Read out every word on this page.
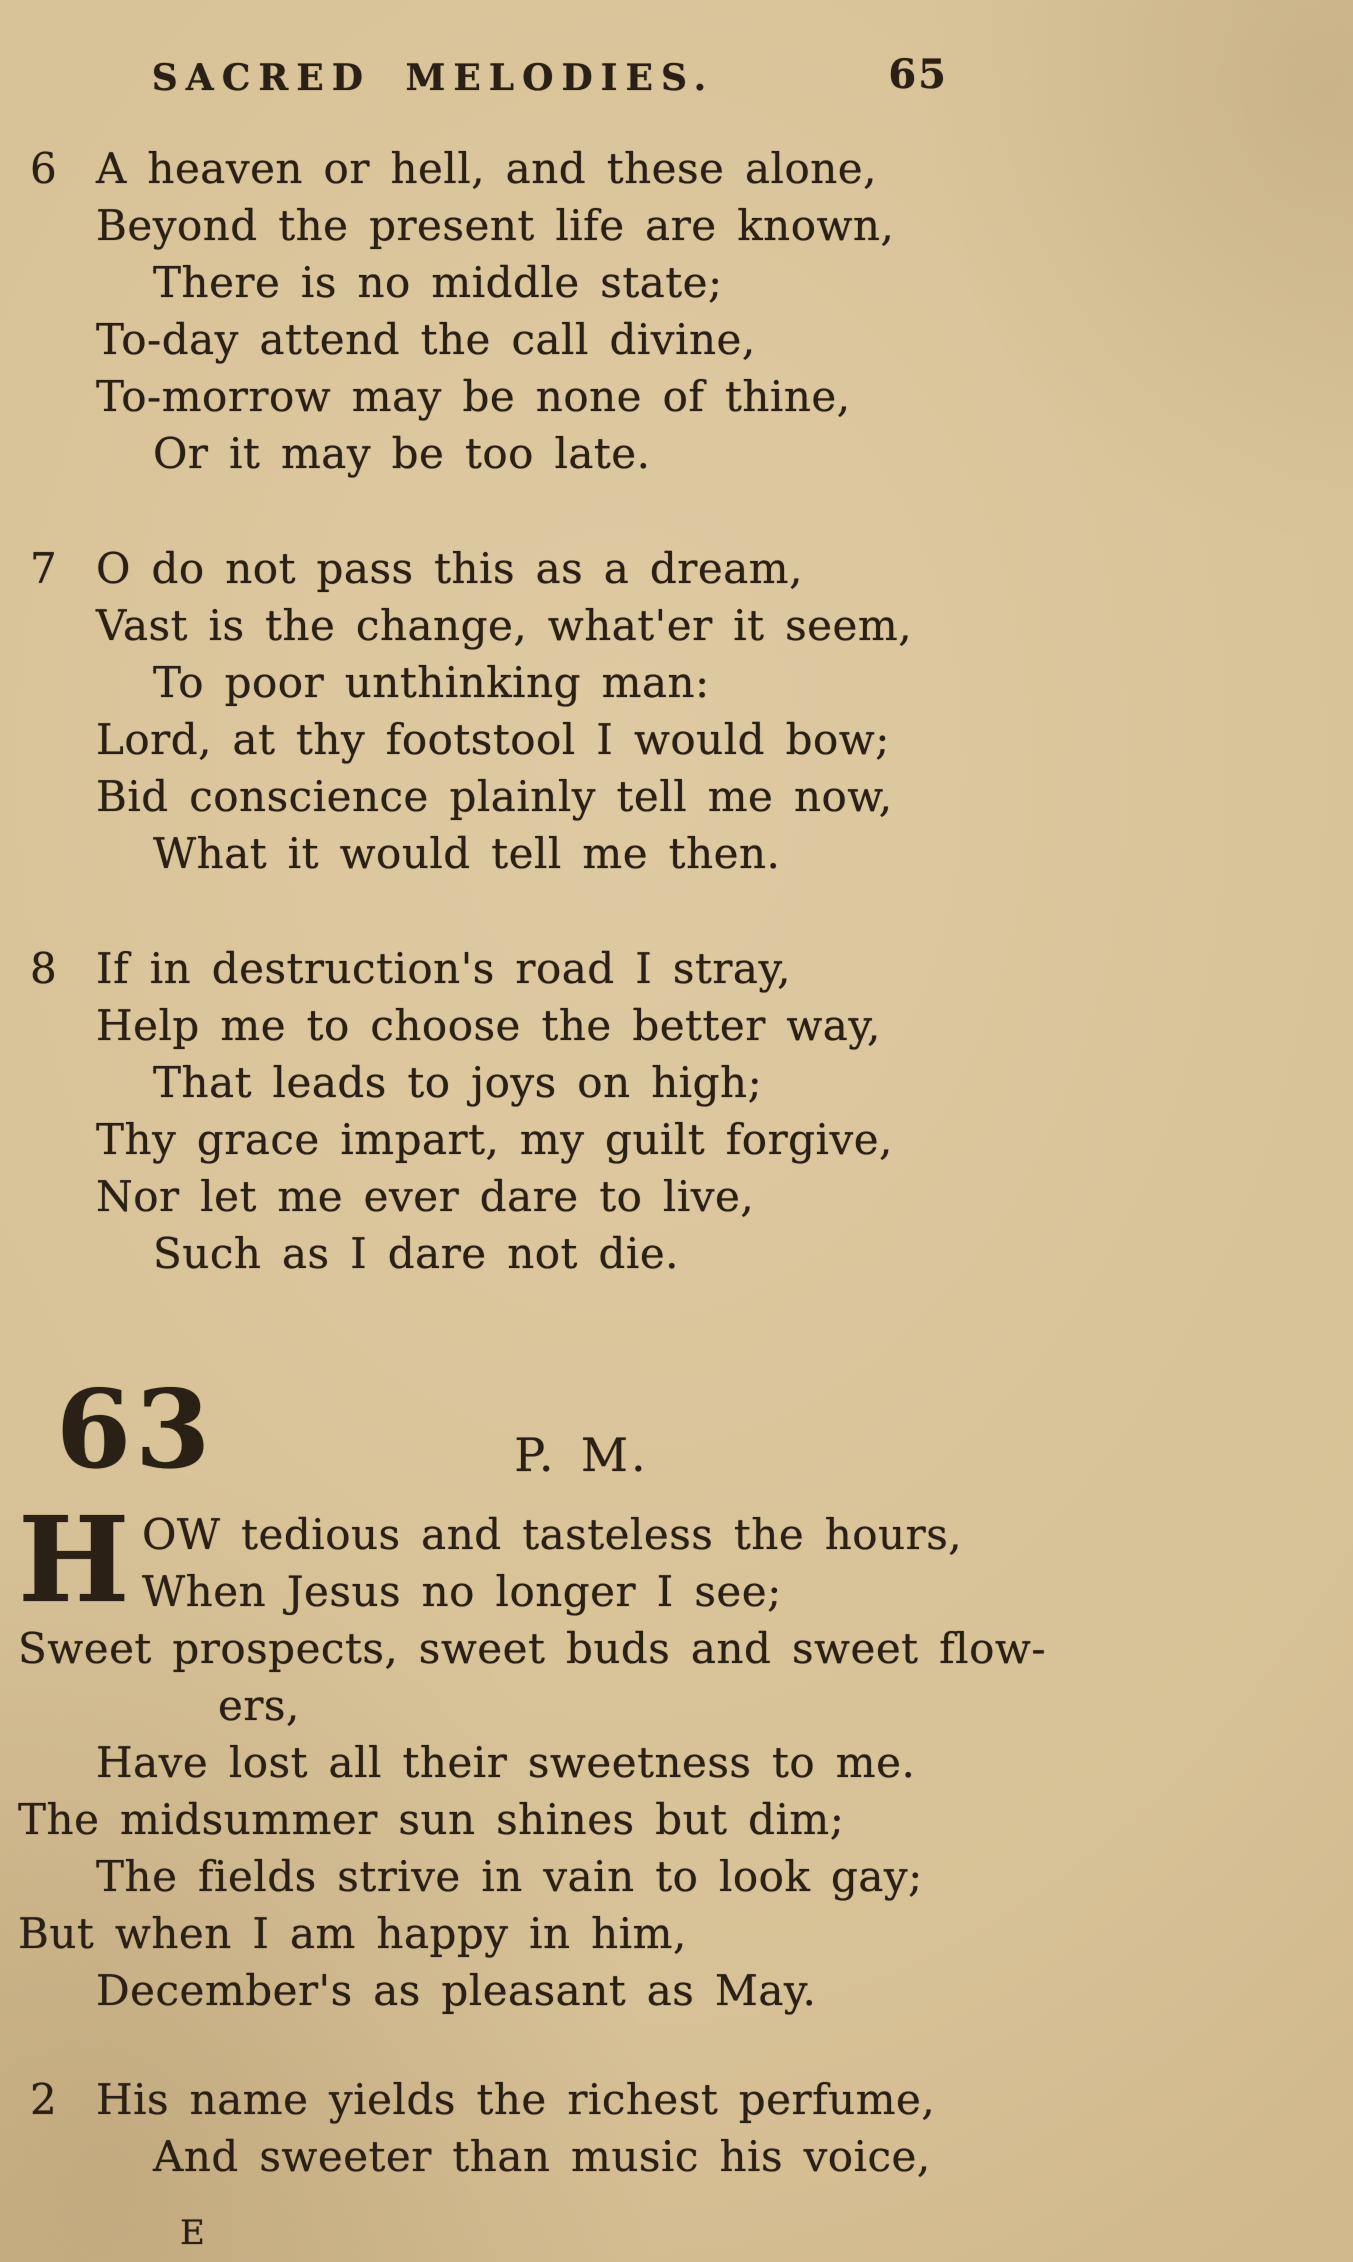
SACRED MELODIES.	65
6 A heaven or hell, and these alone,
Beyond the present life are known,
There is no middle state;
To-day attend the call divine,
To-morrow may be none of thine,
Or it may be too late.
7 O do not pass this as a dream,
Vast is the change, what'er it seem,
To poor unthinking man:
Lord, at thy footstool I would bow;
Bid conscience plainly tell me now,
What it would tell me then.
8 If in destruction's road I stray,
Help me to choose the better way,
That leads to joys on high;
Thy grace impart, my guilt forgive,
Nor let me ever dare to live,
Such as I dare not die.
63	P. M.
H OW tedious and tasteless the hours,
When Jesus no longer I see;
Sweet prospects, sweet buds and sweet flow-
ers,
Have lost all their sweetness to me.
The midsummer sun shines but dim;
The fields strive in vain to look gay;
But when I am happy in him,
December's as pleasant as May.
2 His name yields the richest perfume,
And sweeter than music his voice,
E
